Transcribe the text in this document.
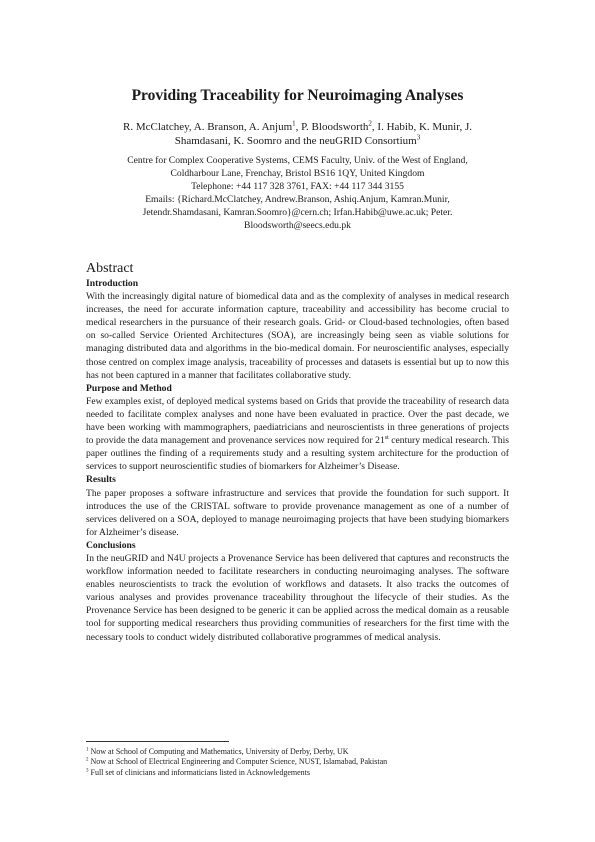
Providing Traceability for Neuroimaging Analyses
R. McClatchey, A. Branson, A. Anjum$^1$, P. Bloodsworth$^2$, I. Habib, K. Munir, J.
Shamdasani, K. Soomro and the neuGRID Consortium$^3$
Centre for Complex Cooperative Systems, CEMS Faculty, Univ. of the West of England,
Coldharbour Lane, Frenchay, Bristol BS16 1QY, United Kingdom
Telephone: +44 117 328 3761, FAX: +44 117 344 3155
Emails: {Richard.McClatchey, Andrew.Branson, Ashiq.Anjum, Kamran.Munir,
Jetendr.Shamdasani, Kamran.Soomro}@cern.ch; Irfan.Habib@uwe.ac.uk; Peter.
Bloodsworth@seecs.edu.pk
Abstract
Introduction
With the increasingly digital nature of biomedical data and as the complexity of analyses in medical research increases, the need for accurate information capture, traceability and accessibility has become crucial to medical researchers in the pursuance of their research goals. Grid- or Cloud-based technologies, often based on so-called Service Oriented Architectures (SOA), are increasingly being seen as viable solutions for managing distributed data and algorithms in the bio-medical domain. For neuroscientific analyses, especially those centred on complex image analysis, traceability of processes and datasets is essential but up to now this has not been captured in a manner that facilitates collaborative study.
Purpose and Method
Few examples exist, of deployed medical systems based on Grids that provide the traceability of research data needed to facilitate complex analyses and none have been evaluated in practice. Over the past decade, we have been working with mammographers, paediatricians and neuroscientists in three generations of projects to provide the data management and provenance services now required for 21st century medical research. This paper outlines the finding of a requirements study and a resulting system architecture for the production of services to support neuroscientific studies of biomarkers for Alzheimer’s Disease.
Results
The paper proposes a software infrastructure and services that provide the foundation for such support. It introduces the use of the CRISTAL software to provide provenance management as one of a number of services delivered on a SOA, deployed to manage neuroimaging projects that have been studying biomarkers for Alzheimer’s disease.
Conclusions
In the neuGRID and N4U projects a Provenance Service has been delivered that captures and reconstructs the workflow information needed to facilitate researchers in conducting neuroimaging analyses. The software enables neuroscientists to track the evolution of workflows and datasets. It also tracks the outcomes of various analyses and provides provenance traceability throughout the lifecycle of their studies. As the Provenance Service has been designed to be generic it can be applied across the medical domain as a reusable tool for supporting medical researchers thus providing communities of researchers for the first time with the necessary tools to conduct widely distributed collaborative programmes of medical analysis.
$^1$ Now at School of Computing and Mathematics, University of Derby, Derby, UK
$^2$ Now at School of Electrical Engineering and Computer Science, NUST, Islamabad, Pakistan
$^3$ Full set of clinicians and informaticians listed in Acknowledgements
